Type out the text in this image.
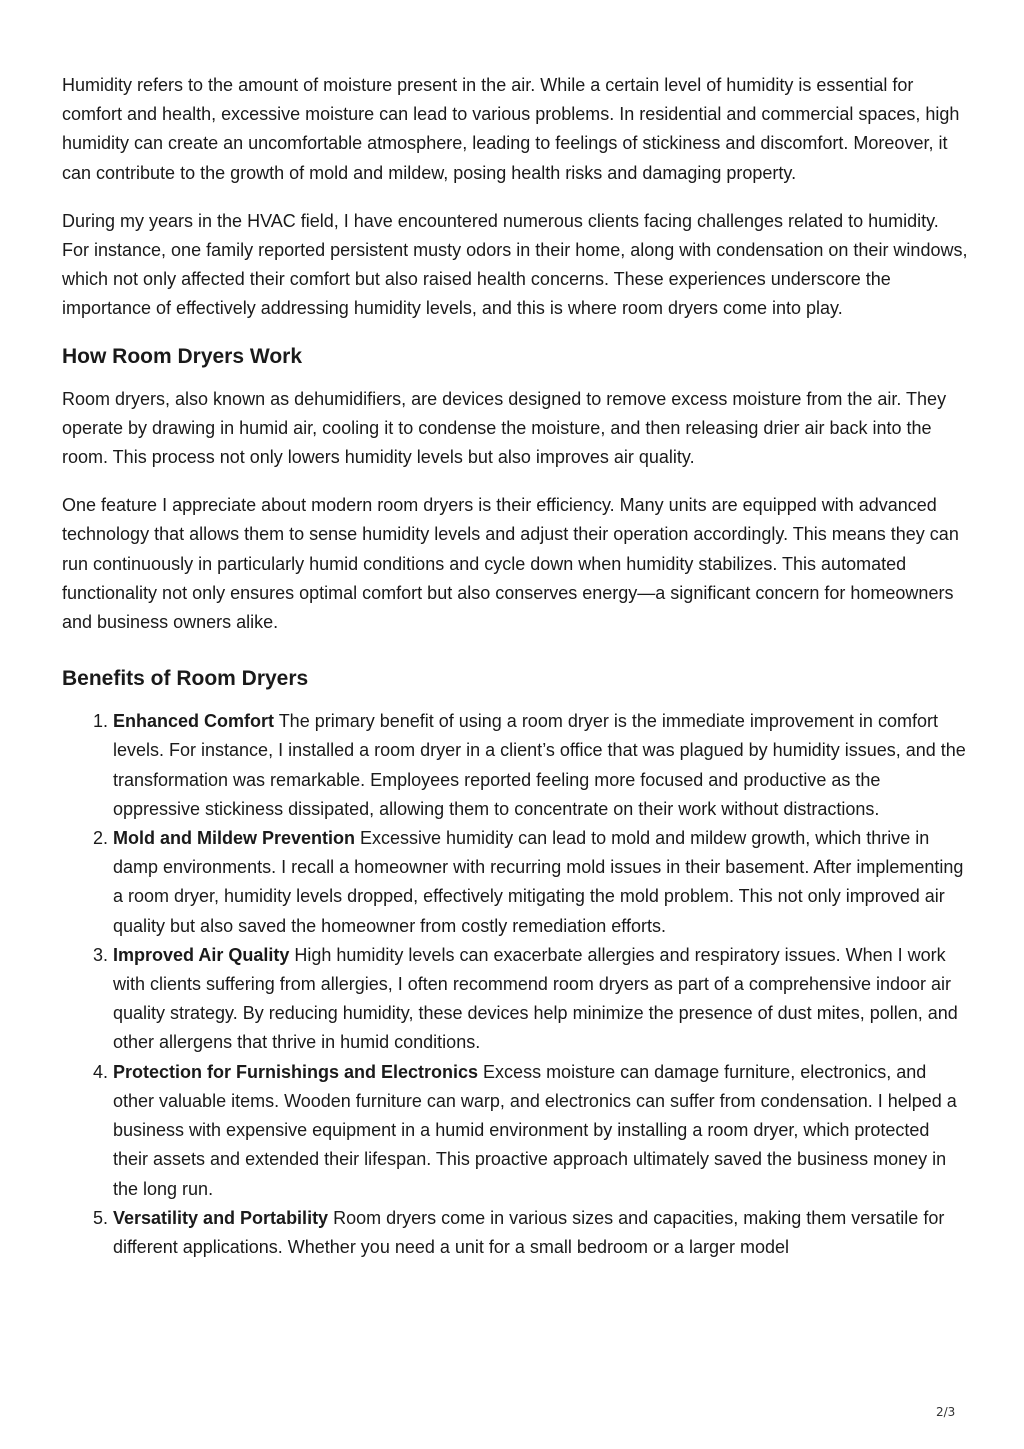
Humidity refers to the amount of moisture present in the air. While a certain level of humidity is essential for comfort and health, excessive moisture can lead to various problems. In residential and commercial spaces, high humidity can create an uncomfortable atmosphere, leading to feelings of stickiness and discomfort. Moreover, it can contribute to the growth of mold and mildew, posing health risks and damaging property.

During my years in the HVAC field, I have encountered numerous clients facing challenges related to humidity. For instance, one family reported persistent musty odors in their home, along with condensation on their windows, which not only affected their comfort but also raised health concerns. These experiences underscore the importance of effectively addressing humidity levels, and this is where room dryers come into play.

How Room Dryers Work

Room dryers, also known as dehumidifiers, are devices designed to remove excess moisture from the air. They operate by drawing in humid air, cooling it to condense the moisture, and then releasing drier air back into the room. This process not only lowers humidity levels but also improves air quality.

One feature I appreciate about modern room dryers is their efficiency. Many units are equipped with advanced technology that allows them to sense humidity levels and adjust their operation accordingly. This means they can run continuously in particularly humid conditions and cycle down when humidity stabilizes. This automated functionality not only ensures optimal comfort but also conserves energy—a significant concern for homeowners and business owners alike.

Benefits of Room Dryers
1. Enhanced Comfort The primary benefit of using a room dryer is the immediate improvement in comfort levels. For instance, I installed a room dryer in a client’s office that was plagued by humidity issues, and the transformation was remarkable. Employees reported feeling more focused and productive as the oppressive stickiness dissipated, allowing them to concentrate on their work without distractions.
2. Mold and Mildew Prevention Excessive humidity can lead to mold and mildew growth, which thrive in damp environments. I recall a homeowner with recurring mold issues in their basement. After implementing a room dryer, humidity levels dropped, effectively mitigating the mold problem. This not only improved air quality but also saved the homeowner from costly remediation efforts.
3. Improved Air Quality High humidity levels can exacerbate allergies and respiratory issues. When I work with clients suffering from allergies, I often recommend room dryers as part of a comprehensive indoor air quality strategy. By reducing humidity, these devices help minimize the presence of dust mites, pollen, and other allergens that thrive in humid conditions.
4. Protection for Furnishings and Electronics Excess moisture can damage furniture, electronics, and other valuable items. Wooden furniture can warp, and electronics can suffer from condensation. I helped a business with expensive equipment in a humid environment by installing a room dryer, which protected their assets and extended their lifespan. This proactive approach ultimately saved the business money in the long run.
5. Versatility and Portability Room dryers come in various sizes and capacities, making them versatile for different applications. Whether you need a unit for a small bedroom or a larger model
2/3
